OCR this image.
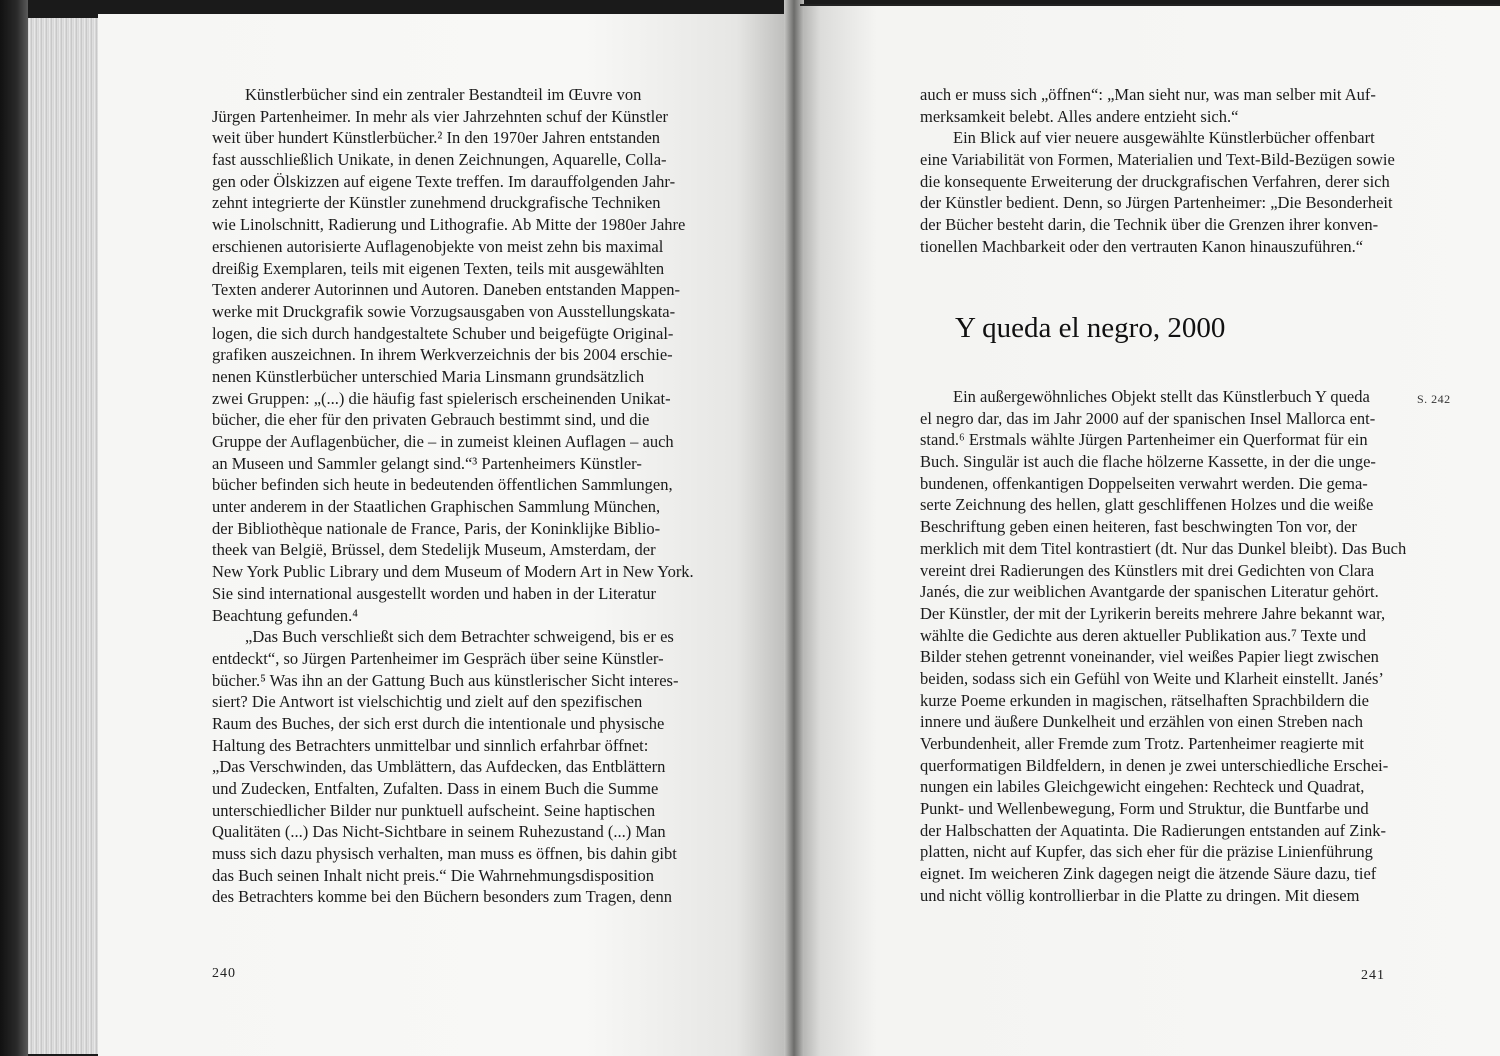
Künstlerbücher sind ein zentraler Bestandteil im Œuvre von
Jürgen Partenheimer. In mehr als vier Jahrzehnten schuf der Künstler
weit über hundert Künstlerbücher.² In den 1970er Jahren entstanden
fast ausschließlich Unikate, in denen Zeichnungen, Aquarelle, Colla-
gen oder Ölskizzen auf eigene Texte treffen. Im darauffolgenden Jahr-
zehnt integrierte der Künstler zunehmend druckgrafische Techniken
wie Linolschnitt, Radierung und Lithografie. Ab Mitte der 1980er Jahre
erschienen autorisierte Auflagenobjekte von meist zehn bis maximal
dreißig Exemplaren, teils mit eigenen Texten, teils mit ausgewählten
Texten anderer Autorinnen und Autoren. Daneben entstanden Mappen-
werke mit Druckgrafik sowie Vorzugsausgaben von Ausstellungskata-
logen, die sich durch handgestaltete Schuber und beigefügte Original-
grafiken auszeichnen. In ihrem Werkverzeichnis der bis 2004 erschie-
nenen Künstlerbücher unterschied Maria Linsmann grundsätzlich
zwei Gruppen: „(...) die häufig fast spielerisch erscheinenden Unikat-
bücher, die eher für den privaten Gebrauch bestimmt sind, und die
Gruppe der Auflagenbücher, die – in zumeist kleinen Auflagen – auch
an Museen und Sammler gelangt sind.“³ Partenheimers Künstler-
bücher befinden sich heute in bedeutenden öffentlichen Sammlungen,
unter anderem in der Staatlichen Graphischen Sammlung München,
der Bibliothèque nationale de France, Paris, der Koninklijke Biblio-
theek van België, Brüssel, dem Stedelijk Museum, Amsterdam, der
New York Public Library und dem Museum of Modern Art in New York.
Sie sind international ausgestellt worden und haben in der Literatur
Beachtung gefunden.⁴
„Das Buch verschließt sich dem Betrachter schweigend, bis er es
entdeckt“, so Jürgen Partenheimer im Gespräch über seine Künstler-
bücher.⁵ Was ihn an der Gattung Buch aus künstlerischer Sicht interes-
siert? Die Antwort ist vielschichtig und zielt auf den spezifischen
Raum des Buches, der sich erst durch die intentionale und physische
Haltung des Betrachters unmittelbar und sinnlich erfahrbar öffnet:
„Das Verschwinden, das Umblättern, das Aufdecken, das Entblättern
und Zudecken, Entfalten, Zufalten. Dass in einem Buch die Summe
unterschiedlicher Bilder nur punktuell aufscheint. Seine haptischen
Qualitäten (...) Das Nicht-Sichtbare in seinem Ruhezustand (...) Man
muss sich dazu physisch verhalten, man muss es öffnen, bis dahin gibt
das Buch seinen Inhalt nicht preis.“ Die Wahrnehmungsdisposition
des Betrachters komme bei den Büchern besonders zum Tragen, denn
auch er muss sich „öffnen“: „Man sieht nur, was man selber mit Auf-
merksamkeit belebt. Alles andere entzieht sich.“
Ein Blick auf vier neuere ausgewählte Künstlerbücher offenbart
eine Variabilität von Formen, Materialien und Text-Bild-Bezügen sowie
die konsequente Erweiterung der druckgrafischen Verfahren, derer sich
der Künstler bedient. Denn, so Jürgen Partenheimer: „Die Besonderheit
der Bücher besteht darin, die Technik über die Grenzen ihrer konven-
tionellen Machbarkeit oder den vertrauten Kanon hinauszuführen.“
Y queda el negro, 2000
S. 242
Ein außergewöhnliches Objekt stellt das Künstlerbuch Y queda
el negro dar, das im Jahr 2000 auf der spanischen Insel Mallorca ent-
stand.⁶ Erstmals wählte Jürgen Partenheimer ein Querformat für ein
Buch. Singulär ist auch die flache hölzerne Kassette, in der die unge-
bundenen, offenkantigen Doppelseiten verwahrt werden. Die gema-
serte Zeichnung des hellen, glatt geschliffenen Holzes und die weiße
Beschriftung geben einen heiteren, fast beschwingten Ton vor, der
merklich mit dem Titel kontrastiert (dt. Nur das Dunkel bleibt). Das Buch
vereint drei Radierungen des Künstlers mit drei Gedichten von Clara
Janés, die zur weiblichen Avantgarde der spanischen Literatur gehört.
Der Künstler, der mit der Lyrikerin bereits mehrere Jahre bekannt war,
wählte die Gedichte aus deren aktueller Publikation aus.⁷ Texte und
Bilder stehen getrennt voneinander, viel weißes Papier liegt zwischen
beiden, sodass sich ein Gefühl von Weite und Klarheit einstellt. Janés’
kurze Poeme erkunden in magischen, rätselhaften Sprachbildern die
innere und äußere Dunkelheit und erzählen von einen Streben nach
Verbundenheit, aller Fremde zum Trotz. Partenheimer reagierte mit
querformatigen Bildfeldern, in denen je zwei unterschiedliche Erschei-
nungen ein labiles Gleichgewicht eingehen: Rechteck und Quadrat,
Punkt- und Wellenbewegung, Form und Struktur, die Buntfarbe und
der Halbschatten der Aquatinta. Die Radierungen entstanden auf Zink-
platten, nicht auf Kupfer, das sich eher für die präzise Linienführung
eignet. Im weicheren Zink dagegen neigt die ätzende Säure dazu, tief
und nicht völlig kontrollierbar in die Platte zu dringen. Mit diesem
240	241
